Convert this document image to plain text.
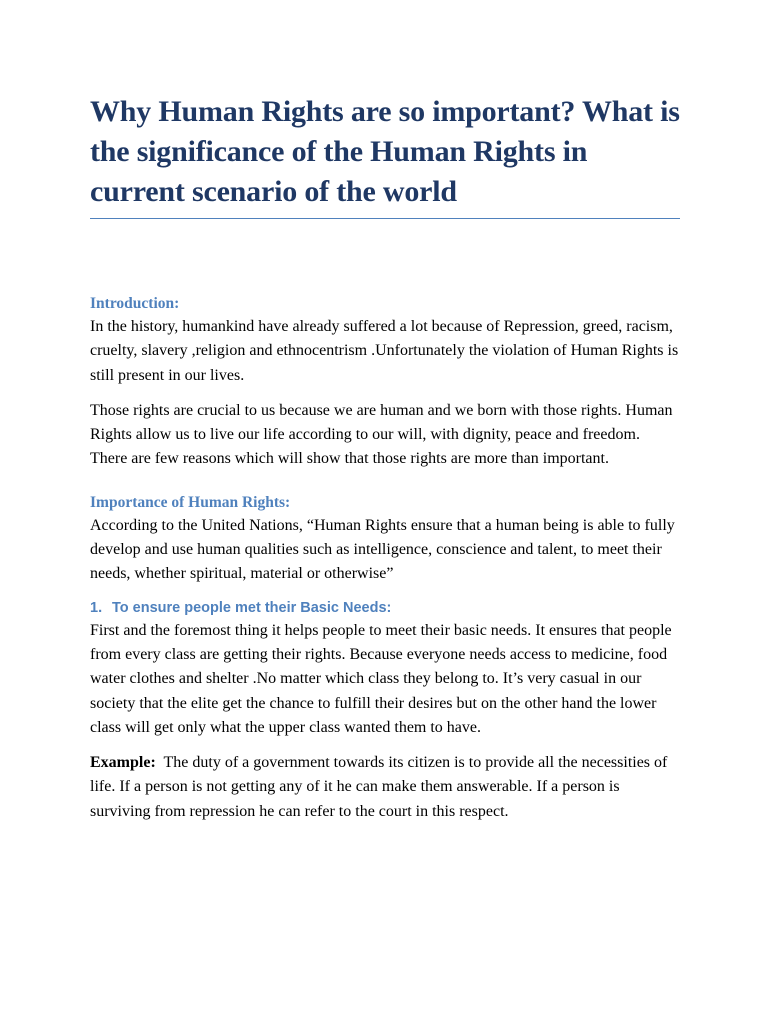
Why Human Rights are so important? What is the significance of the Human Rights in current scenario of the world
Introduction:

In the history, humankind have already suffered a lot because of Repression, greed, racism, cruelty, slavery ,religion and ethnocentrism .Unfortunately the violation of Human Rights is still present in our lives.

Those rights are crucial to us because we are human and we born with those rights. Human Rights allow us to live our life according to our will, with dignity, peace and freedom. There are few reasons which will show that those rights are more than important.

Importance of Human Rights:

According to the United Nations, “Human Rights ensure that a human being is able to fully develop and use human qualities such as intelligence, conscience and talent, to meet their needs, whether spiritual, material or otherwise”

1. To ensure people met their Basic Needs:

First and the foremost thing it helps people to meet their basic needs. It ensures that people from every class are getting their rights. Because everyone needs access to medicine, food water clothes and shelter .No matter which class they belong to. It’s very casual in our society that the elite get the chance to fulfill their desires but on the other hand the lower class will get only what the upper class wanted them to have.

Example:  The duty of a government towards its citizen is to provide all the necessities of life. If a person is not getting any of it he can make them answerable. If a person is surviving from repression he can refer to the court in this respect.
